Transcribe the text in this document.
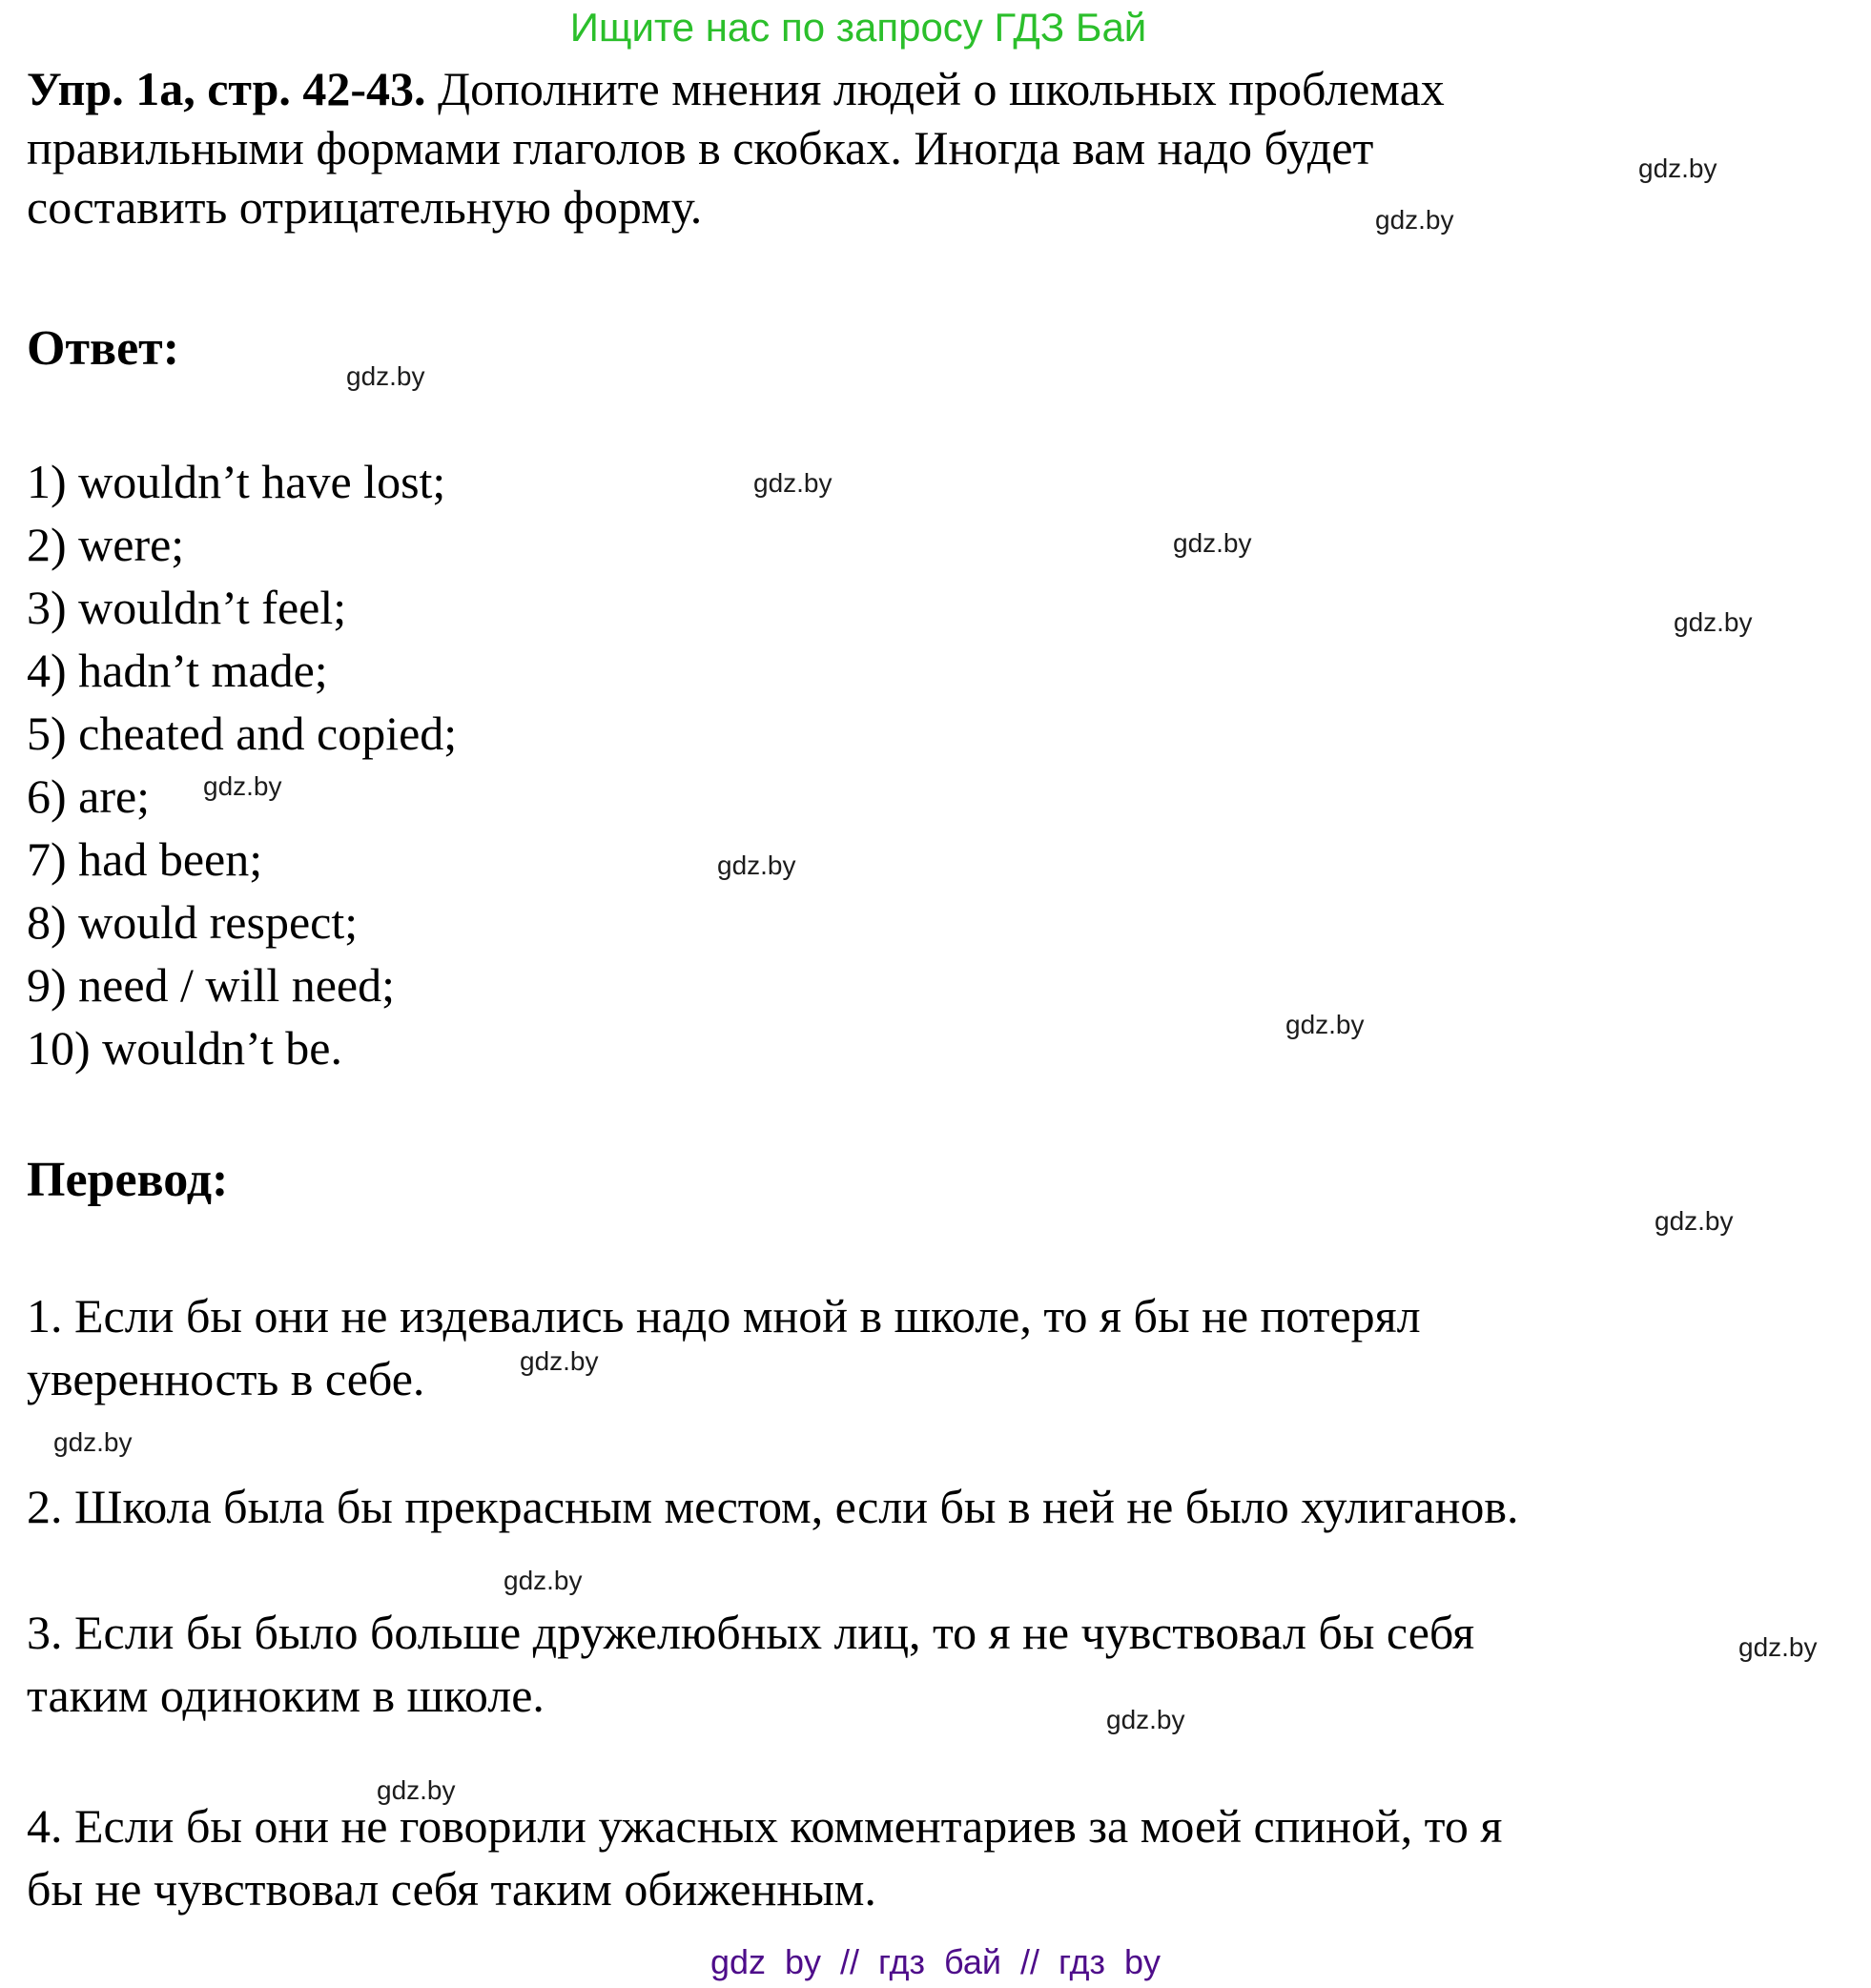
Ищите нас по запросу ГДЗ Бай
Упр. 1а, стр. 42-43. Дополните мнения людей о школьных проблемах
правильными формами глаголов в скобках. Иногда вам надо будет
составить отрицательную форму.
Ответ:
1) wouldn’t have lost;
2) were;
3) wouldn’t feel;
4) hadn’t made;
5) cheated and copied;
6) are;
7) had been;
8) would respect;
9) need / will need;
10) wouldn’t be.
Перевод:
1. Если бы они не издевались надо мной в школе, то я бы не потерял
уверенность в себе.
2. Школа была бы прекрасным местом, если бы в ней не было хулиганов.
3. Если бы было больше дружелюбных лиц, то я не чувствовал бы себя
таким одиноким в школе.
4. Если бы они не говорили ужасных комментариев за моей спиной, то я
бы не чувствовал себя таким обиженным.
gdz by // гдз бай // гдз by
gdz.by
gdz.by
gdz.by
gdz.by
gdz.by
gdz.by
gdz.by
gdz.by
gdz.by
gdz.by
gdz.by
gdz.by
gdz.by
gdz.by
gdz.by
gdz.by
